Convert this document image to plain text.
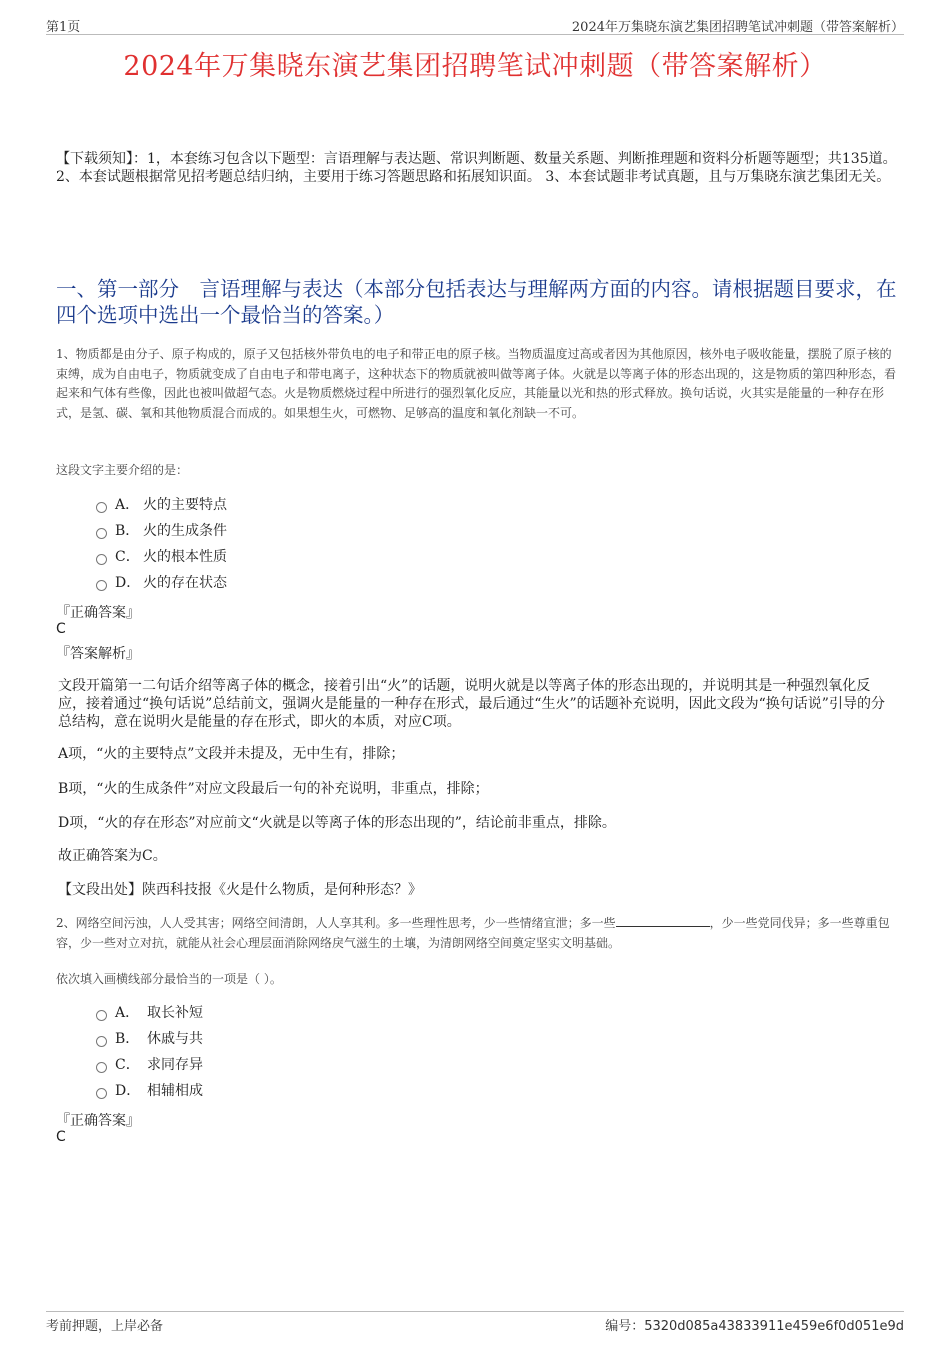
第1页	2024年万集晓东演艺集团招聘笔试冲刺题（带答案解析）
2024年万集晓东演艺集团招聘笔试冲刺题（带答案解析）
【下载须知】：1，本套练习包含以下题型：言语理解与表达题、常识判断题、数量关系题、判断推理题和资料分析题等题型；共135道。 2、本套试题根据常见招考题总结归纳，主要用于练习答题思路和拓展知识面。 3、本套试题非考试真题，且与万集晓东演艺集团无关。
一、第一部分　言语理解与表达（本部分包括表达与理解两方面的内容。请根据题目要求，在四个选项中选出一个最恰当的答案。）
1、物质都是由分子、原子构成的，原子又包括核外带负电的电子和带正电的原子核。当物质温度过高或者因为其他原因，核外电子吸收能量，摆脱了原子核的束缚，成为自由电子，物质就变成了自由电子和带电离子，这种状态下的物质就被叫做等离子体。火就是以等离子体的形态出现的，这是物质的第四种形态，看起来和气体有些像，因此也被叫做超气态。火是物质燃烧过程中所进行的强烈氧化反应，其能量以光和热的形式释放。换句话说，火其实是能量的一种存在形式，是氢、碳、氧和其他物质混合而成的。如果想生火，可燃物、足够高的温度和氧化剂缺一不可。
这段文字主要介绍的是：
A． 火的主要特点
B． 火的生成条件
C． 火的根本性质
D． 火的存在状态
『正确答案』
C
『答案解析』
文段开篇第一二句话介绍等离子体的概念，接着引出“火”的话题，说明火就是以等离子体的形态出现的，并说明其是一种强烈氧化反应，接着通过“换句话说”总结前文，强调火是能量的一种存在形式，最后通过“生火”的话题补充说明，因此文段为“换句话说”引导的分总结构，意在说明火是能量的存在形式，即火的本质，对应C项。
A项，“火的主要特点”文段并未提及，无中生有，排除；
B项，“火的生成条件”对应文段最后一句的补充说明，非重点，排除；
D项，“火的存在形态”对应前文“火就是以等离子体的形态出现的”，结论前非重点，排除。
故正确答案为C。
【文段出处】陕西科技报《火是什么物质，是何种形态？》
2、网络空间污浊，人人受其害；网络空间清朗，人人享其利。多一些理性思考，少一些情绪宣泄；多一些	，少一些党同伐异；多一些尊重包容，少一些对立对抗，就能从社会心理层面消除网络戾气滋生的土壤，为清朗网络空间奠定坚实文明基础。
依次填入画横线部分最恰当的一项是（ ）。
A． 取长补短
B． 休戚与共
C． 求同存异
D． 相辅相成
『正确答案』
C
考前押题，上岸必备	编号：5320d085a43833911e459e6f0d051e9d
